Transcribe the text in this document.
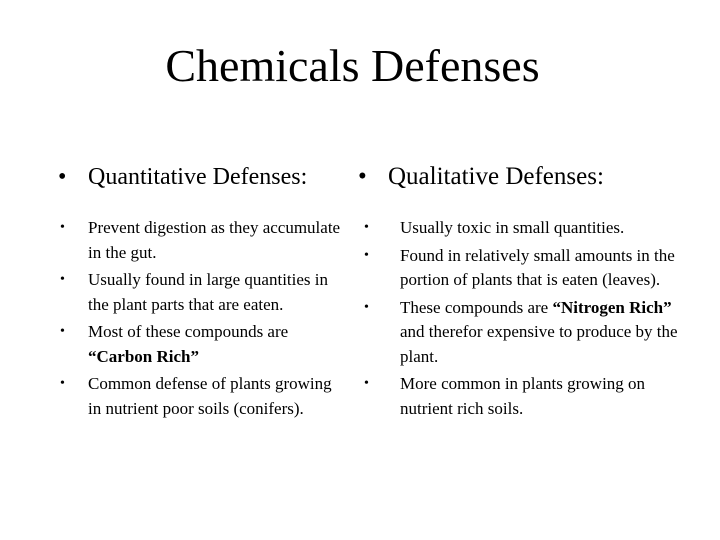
Chemicals Defenses
• Quantitative Defenses:
• Prevent digestion as they accumulate in the gut.
• Usually found in large quantities in the plant parts that are eaten.
• Most of these compounds are “Carbon Rich”
• Common defense of plants growing in nutrient poor soils (conifers).
• Qualitative Defenses:
• Usually toxic in small quantities.
• Found in relatively small amounts in the portion of plants that is eaten (leaves).
• These compounds are “Nitrogen Rich” and therefor expensive to produce by the plant.
• More common in plants growing on nutrient rich soils.
